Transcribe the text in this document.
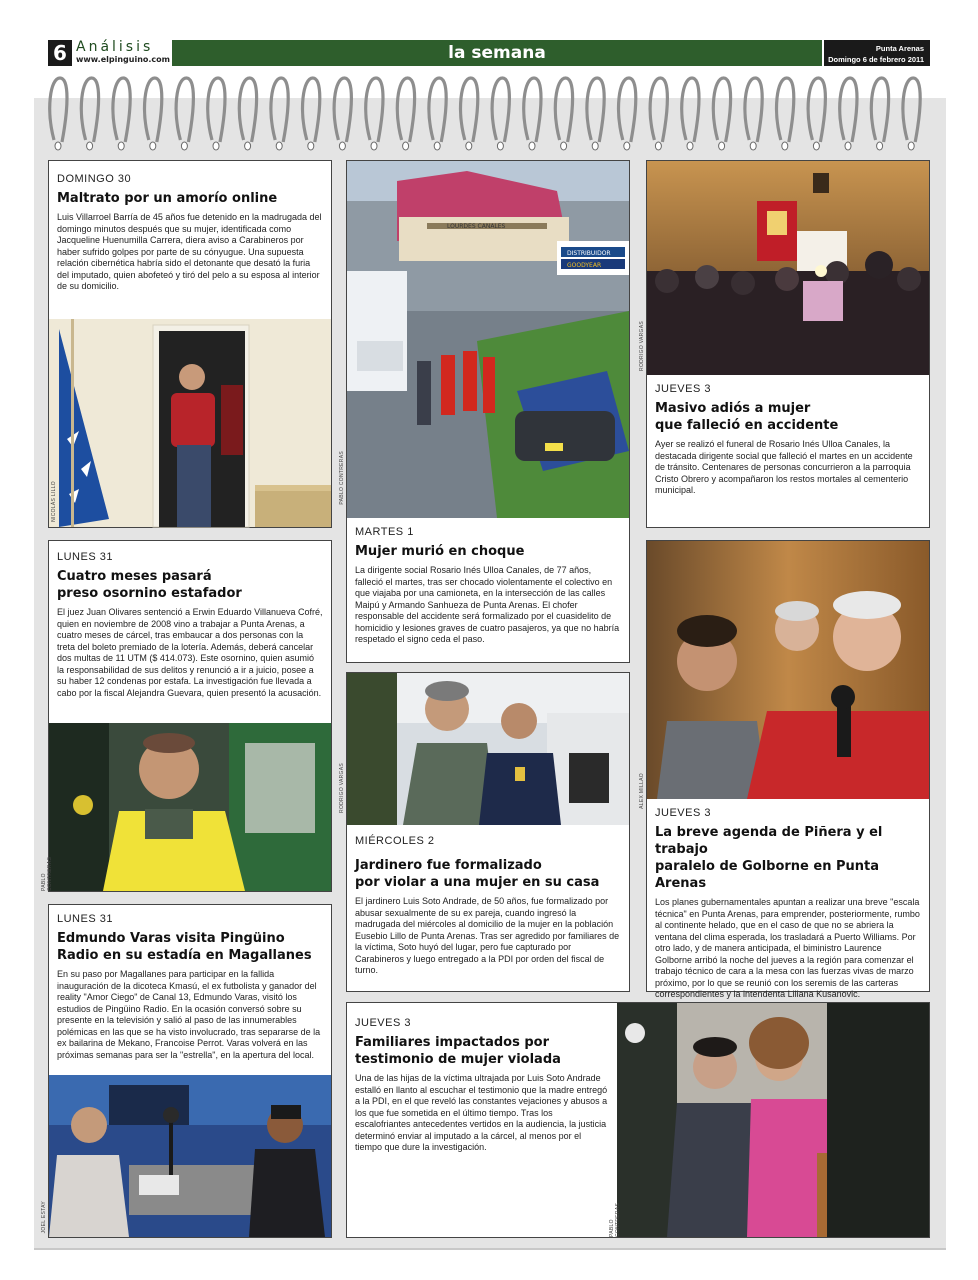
6 Análisis
www.elpinguino.com	la semana	Punta Arenas
Domingo 6 de febrero 2011
DOMINGO 30
Maltrato por un amorío online

Luis Villarroel Barría de 45 años fue detenido en la madrugada del domingo minutos después que su mujer, identificada como Jacqueline Huenumilla Carrera, diera aviso a Carabineros por haber sufrido golpes por parte de su cónyugue. Una supuesta relación cibernética habría sido el detonante que desató la furia del imputado, quien abofeteó y tiró del pelo a su esposa al interior de su domicilio.

NICOLÁS LILLO
LOURDES CANALES
DISTRIBUIDOR
GOODYEAR
PABLO CONTRERAS
MARTES 1
Mujer murió en choque

La dirigente social Rosario Inés Ulloa Canales, de 77 años, falleció el martes, tras ser chocado violentamente el colectivo en que viajaba por una camioneta, en la intersección de las calles Maipú y Armando Sanhueza de Punta Arenas. El chofer responsable del accidente será formalizado por el cuasidelito de homicidio y lesiones graves de cuatro pasajeros, ya que no habría respetado el signo ceda el paso.

RODRIGO VARGAS
JUEVES 3
Masivo adiós a mujer
que falleció en accidente

Ayer se realizó el funeral de Rosario Inés Ulloa Canales, la destacada dirigente social que falleció el martes en un accidente de tránsito. Centenares de personas concurrieron a la parroquia Cristo Obrero y acompañaron los restos mortales al cementerio municipal.

LUNES 31
Cuatro meses pasará
preso osornino estafador

El juez Juan Olivares sentenció a Erwin Eduardo Villanueva Cofré, quien en noviembre de 2008 vino a trabajar a Punta Arenas, a cuatro meses de cárcel, tras embaucar a dos personas con la treta del boleto premiado de la lotería. Además, deberá cancelar dos multas de 11 UTM ($ 414.073). Este osornino, quien asumió la responsabilidad de sus delitos y renunció a ir a juicio, posee a su haber 12 condenas por estafa. La investigación fue llevada a cabo por la fiscal Alejandra Guevara, quien presentó la acusación.

PABLO CONTRERAS
RODRIGO VARGAS
MIÉRCOLES 2
Jardinero fue formalizado
por violar a una mujer en su casa

El jardinero Luis Soto Andrade, de 50 años, fue formalizado por abusar sexualmente de su ex pareja, cuando ingresó la madrugada del miércoles al domicilio de la mujer en la población Eusebio Lillo de Punta Arenas. Tras ser agredido por familiares de la víctima, Soto huyó del lugar, pero fue capturado por Carabineros y luego entregado a la PDI por orden del fiscal de turno.

ALEX MILLAO
JUEVES 3
La breve agenda de Piñera y el trabajo
paralelo de Golborne en Punta Arenas

Los planes gubernamentales apuntan a realizar una breve "escala técnica" en Punta Arenas, para emprender, posteriormente, rumbo al continente helado, que en el caso de que no se abriera la ventana del clima esperada, los trasladará a Puerto Williams. Por otro lado, y de manera anticipada, el biministro Laurence Golborne arribó la noche del jueves a la región para comenzar el trabajo técnico de cara a la mesa con las fuerzas vivas de marzo próximo, por lo que se reunió con los seremis de las carteras correspondientes y la intendenta Liliana Kusanovic.

LUNES 31
Edmundo Varas visita Pingüino
Radio en su estadía en Magallanes

En su paso por Magallanes para participar en la fallida inauguración de la dicoteca Kmasú, el ex futbolista y ganador del reality "Amor Ciego" de Canal 13, Edmundo Varas, visitó los estudios de Pingüino Radio. En la ocasión conversó sobre su presente en la televisión y salió al paso de las innumerables polémicas en las que se ha visto involucrado, tras separarse de la ex bailarina de Mekano, Francoise Perrot. Varas volverá en las próximas semanas para ser la "estrella", en la apertura del local.

JOEL ESTAY
JUEVES 3
Familiares impactados por
testimonio de mujer violada

Una de las hijas de la víctima ultrajada por Luis Soto Andrade estalló en llanto al escuchar el testimonio que la madre entregó a la PDI, en el que reveló las constantes vejaciones y abusos a los que fue sometida en el último tiempo. Tras los escalofriantes antecedentes vertidos en la audiencia, la justicia determinó enviar al imputado a la cárcel, al menos por el tiempo que dure la investigación.

PABLO CONTRERAS
